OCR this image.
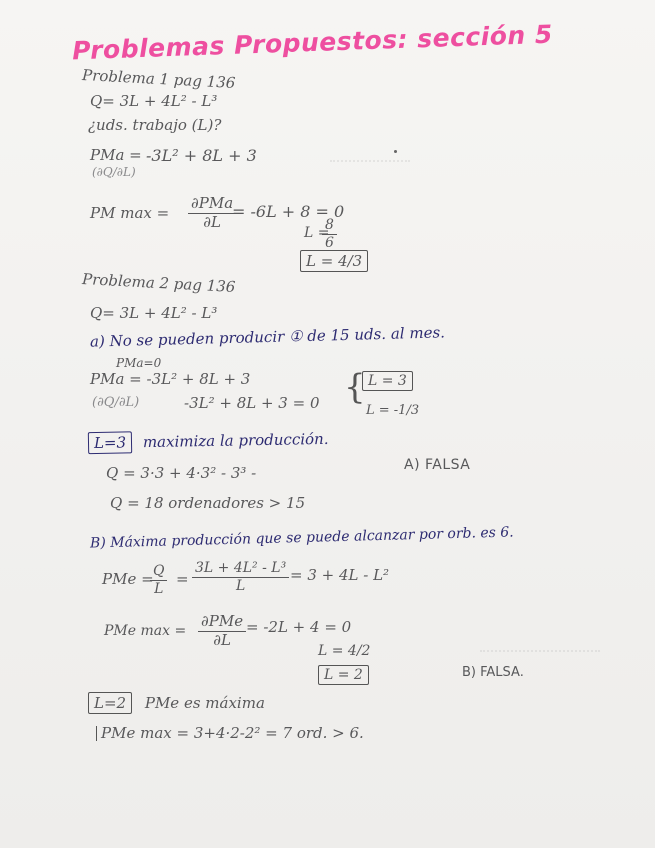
Problemas Propuestos: sección 5
Problema 1 pag 136
Q= 3L + 4L² - L³
¿uds. trabajo (L)?
PMa = -3L² + 8L + 3
(∂Q/∂L)
PM max =
∂PMa
∂L
= -6L + 8 = 0
L =
$\frac{8}{6}$
L = 4/3
Problema 2 pag 136
Q= 3L + 4L² - L³
a) No se pueden producir ① de 15 uds. al mes.
PMa=0
PMa = -3L² + 8L + 3
(∂Q/∂L)	-3L² + 8L + 3 = 0 } L = 3
L = -1/3
L=3 maximiza la producción.
Q = 3·3 + 4·3² - 3³ -	A) FALSA
Q = 18 ordenadores > 15
B) Máxima producción que se puede alcanzar por orb. es 6.
PMe =
$\frac{Q}{L} = \frac{\text{3L + 4L² - L³}}{L} = 3 + 4L - L^2$
PMe max =
∂PMe
∂L
= -2L + 4 = 0
L = 4/2
L = 2	B) FALSA.
L=2 PMe es máxima
PMe max = 3+4·2-2² = 7 ord. > 6.
